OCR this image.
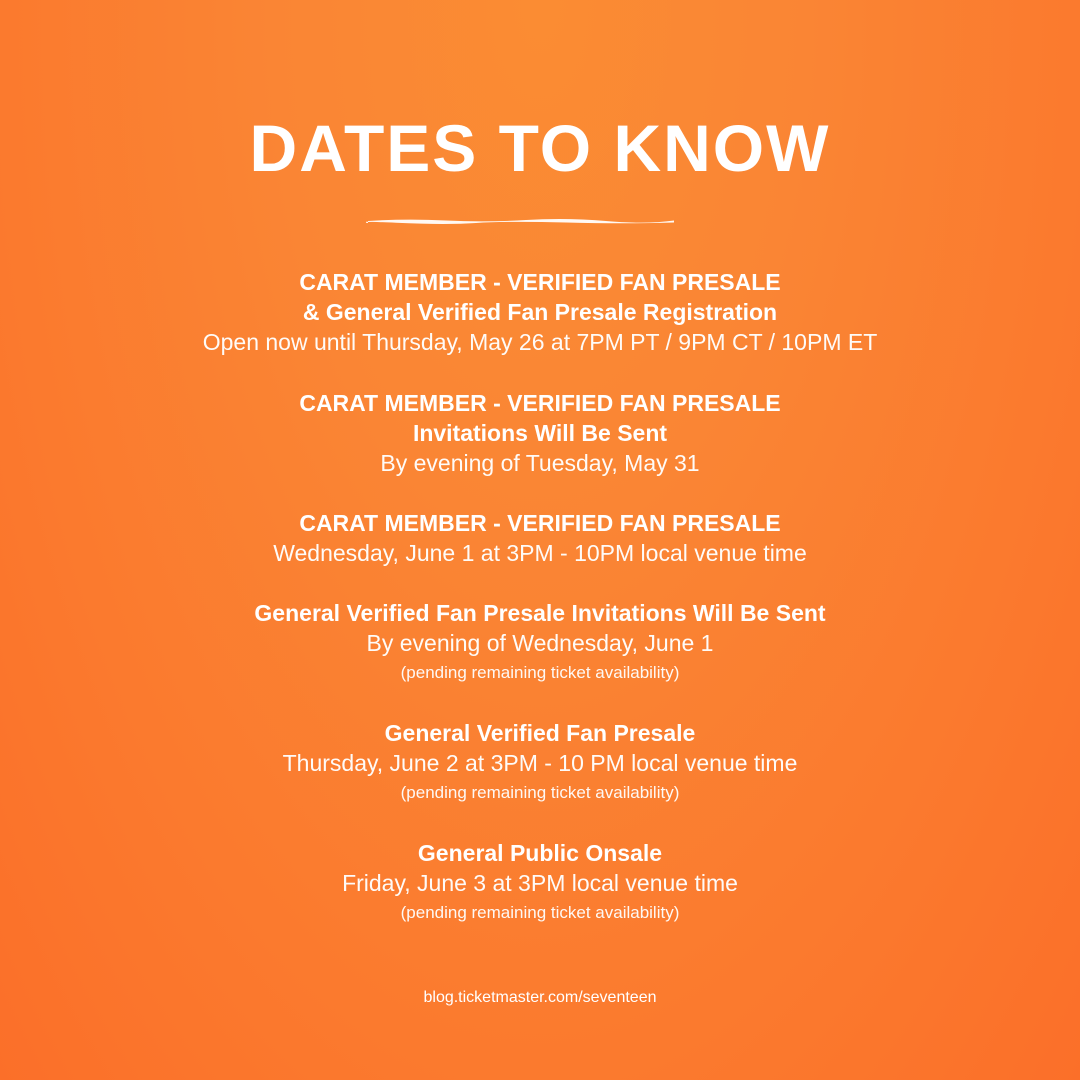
DATES TO KNOW
CARAT MEMBER - VERIFIED FAN PRESALE
& General Verified Fan Presale Registration
Open now until Thursday, May 26 at 7PM PT / 9PM CT / 10PM ET
CARAT MEMBER - VERIFIED FAN PRESALE
Invitations Will Be Sent
By evening of Tuesday, May 31
CARAT MEMBER - VERIFIED FAN PRESALE
Wednesday, June 1 at 3PM - 10PM local venue time
General Verified Fan Presale Invitations Will Be Sent
By evening of Wednesday, June 1
(pending remaining ticket availability)
General Verified Fan Presale
Thursday, June 2 at 3PM - 10 PM local venue time
(pending remaining ticket availability)
General Public Onsale
Friday, June 3 at 3PM local venue time
(pending remaining ticket availability)
blog.ticketmaster.com/seventeen
